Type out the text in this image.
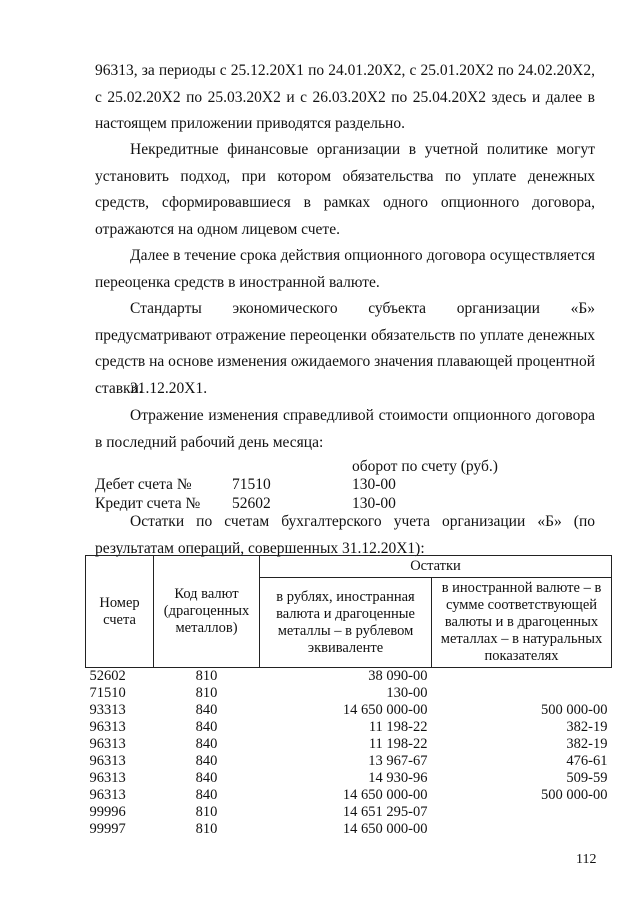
96313, за периоды с 25.12.20Х1 по 24.01.20Х2, с 25.01.20Х2 по 24.02.20Х2, с 25.02.20Х2 по 25.03.20Х2 и с 26.03.20Х2 по 25.04.20Х2 здесь и далее в настоящем приложении приводятся раздельно.
Некредитные финансовые организации в учетной политике могут установить подход, при котором обязательства по уплате денежных средств, сформировавшиеся в рамках одного опционного договора, отражаются на одном лицевом счете.
Далее в течение срока действия опционного договора осуществляется переоценка средств в иностранной валюте.
Стандарты экономического субъекта организации «Б» предусматривают отражение переоценки обязательств по уплате денежных средств на основе изменения ожидаемого значения плавающей процентной ставки.
31.12.20Х1.
Отражение изменения справедливой стоимости опционного договора в последний рабочий день месяца:
оборот по счету (руб.)
Дебет счета №	71510	130-00
Кредит счета № 52602	130-00
Остатки по счетам бухгалтерского учета организации «Б» (по результатам операций, совершенных 31.12.20Х1):
Номер счета	Код валют (драгоценных металлов)	Остатки	
		в рублях, иностранная валюта и драгоценные металлы – в рублевом эквиваленте	в иностранной валюте – в сумме соответствующей валюты и в драгоценных металлах – в натуральных показателях
52602	810	38 090-00	
71510	810	130-00	
93313	840	14 650 000-00	500 000-00
96313	840	11 198-22	382-19
96313	840	11 198-22	382-19
96313	840	13 967-67	476-61
96313	840	14 930-96	509-59
96313	840	14 650 000-00	500 000-00
99996	810	14 651 295-07	
99997	810	14 650 000-00	
112
